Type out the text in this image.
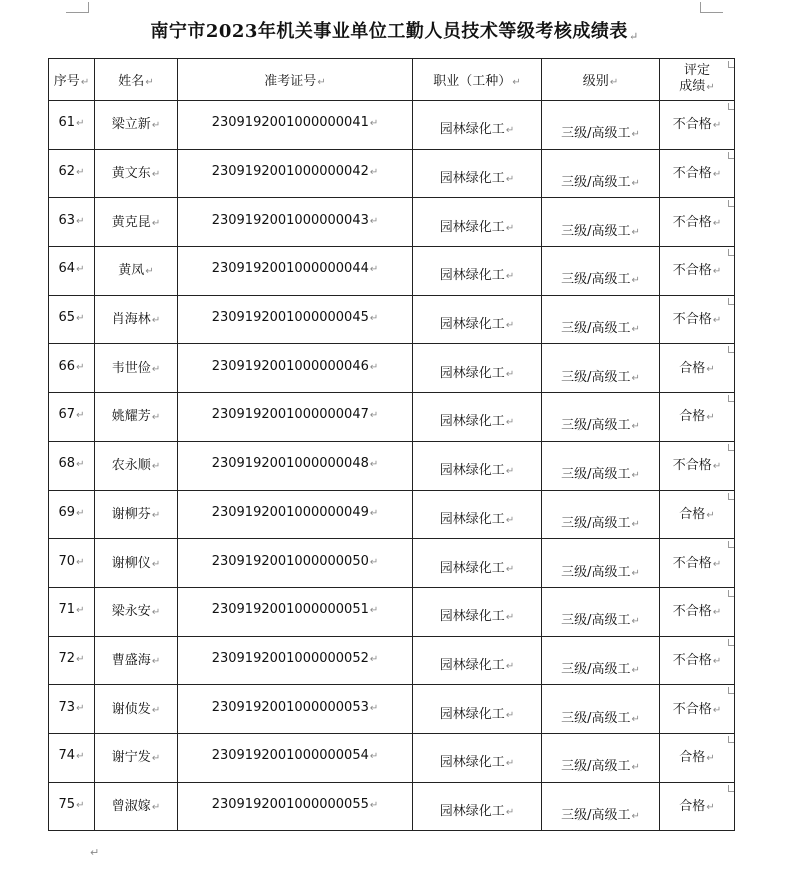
南宁市2023年机关事业单位工勤人员技术等级考核成绩表↵
序号↵	姓名↵	准考证号↵	职业（工种）↵	级别↵	评定
成绩↵

61↵	梁立新↵	2309192001000000041↵	园林绿化工↵	三级/高级工↵	不合格↵

62↵	黄文东↵	2309192001000000042↵	园林绿化工↵	三级/高级工↵	不合格↵

63↵	黄克昆↵	2309192001000000043↵	园林绿化工↵	三级/高级工↵	不合格↵

64↵	黄凤↵	2309192001000000044↵	园林绿化工↵	三级/高级工↵	不合格↵

65↵	肖海林↵	2309192001000000045↵	园林绿化工↵	三级/高级工↵	不合格↵

66↵	韦世俭↵	2309192001000000046↵	园林绿化工↵	三级/高级工↵	合格↵

67↵	姚耀芳↵	2309192001000000047↵	园林绿化工↵	三级/高级工↵	合格↵

68↵	农永顺↵	2309192001000000048↵	园林绿化工↵	三级/高级工↵	不合格↵

69↵	谢柳芬↵	2309192001000000049↵	园林绿化工↵	三级/高级工↵	合格↵

70↵	谢柳仪↵	2309192001000000050↵	园林绿化工↵	三级/高级工↵	不合格↵

71↵	梁永安↵	2309192001000000051↵	园林绿化工↵	三级/高级工↵	不合格↵

72↵	曹盛海↵	2309192001000000052↵	园林绿化工↵	三级/高级工↵	不合格↵

73↵	谢侦发↵	2309192001000000053↵	园林绿化工↵	三级/高级工↵	不合格↵

74↵	谢宁发↵	2309192001000000054↵	园林绿化工↵	三级/高级工↵	合格↵

75↵	曾淑嫁↵	2309192001000000055↵	园林绿化工↵	三级/高级工↵	合格↵
↵
